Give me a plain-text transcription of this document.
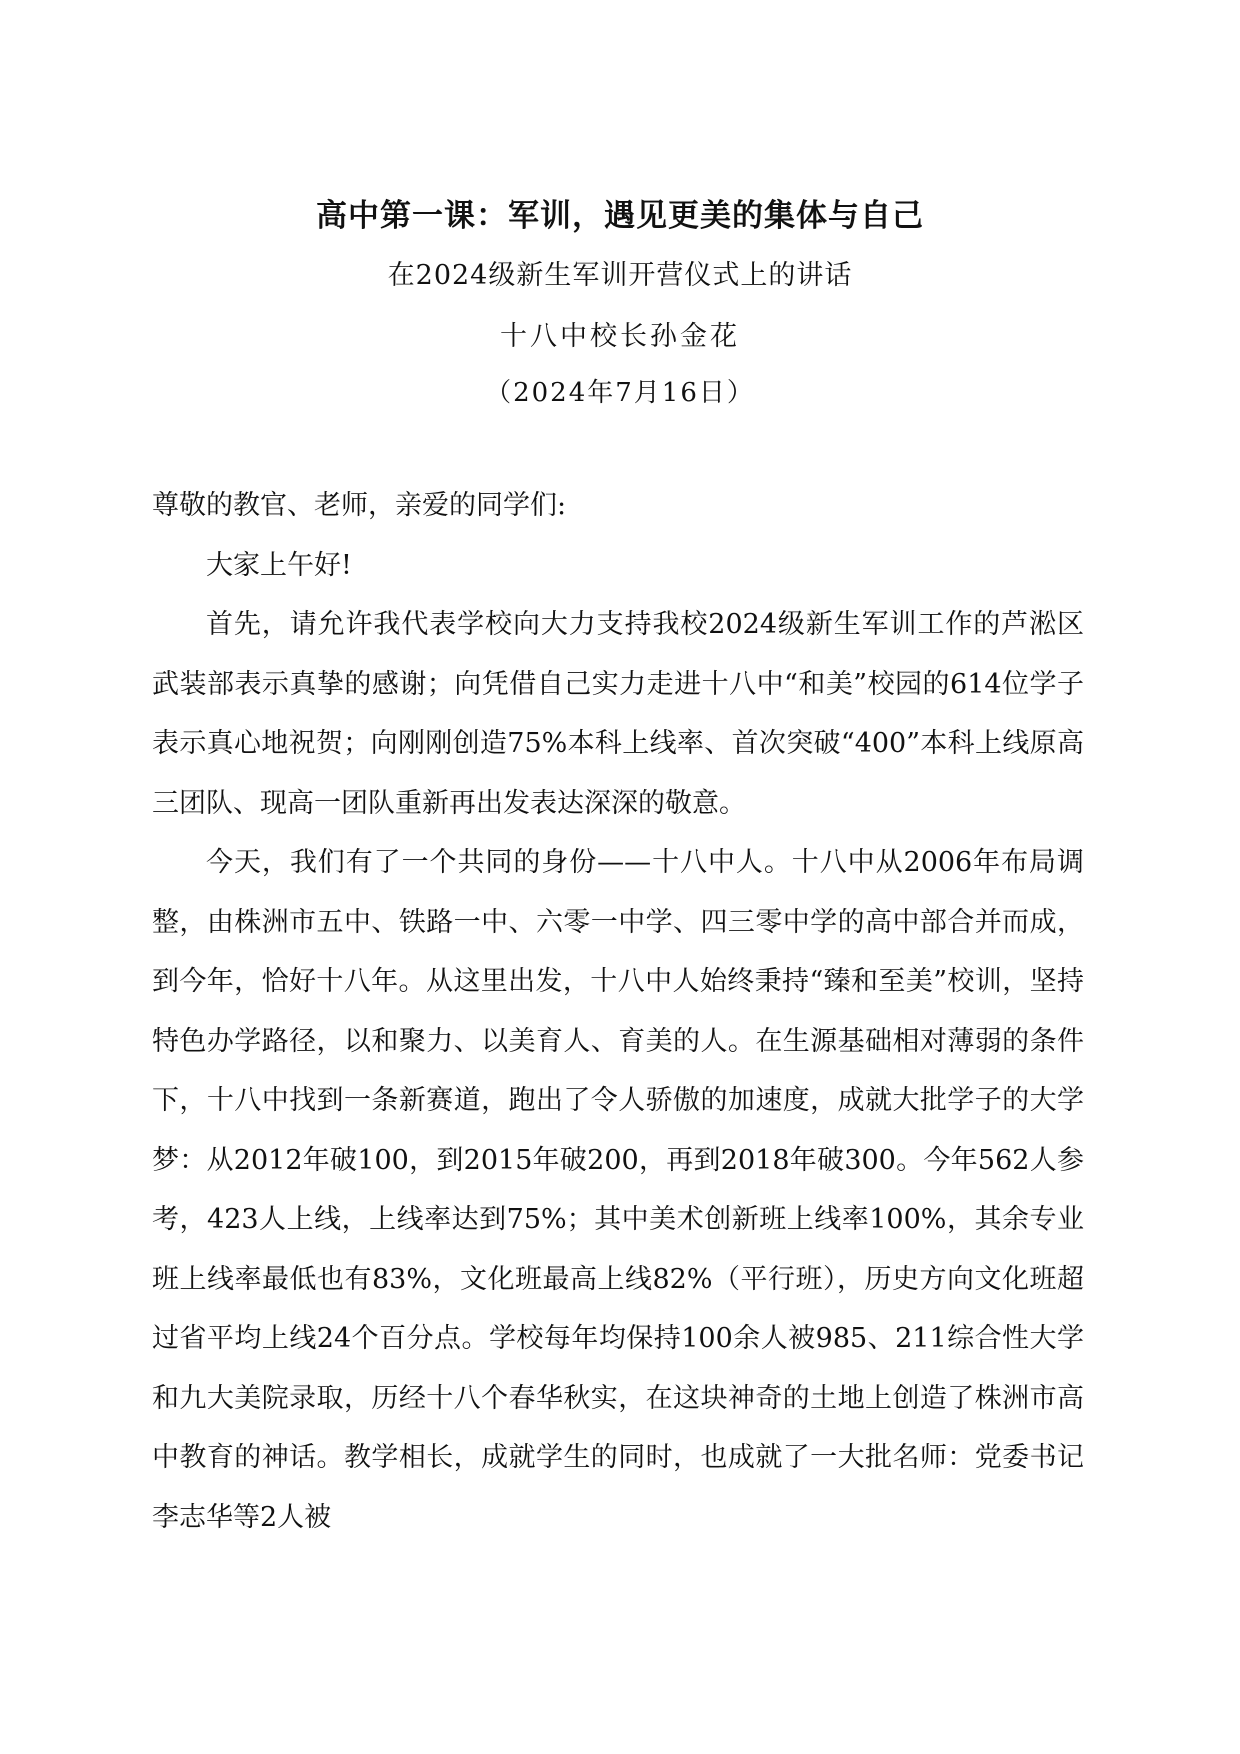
高中第一课：军训，遇见更美的集体与自己
在2024级新生军训开营仪式上的讲话
十八中校长孙金花
（2024年7月16日）

尊敬的教官、老师，亲爱的同学们:

大家上午好!

首先，请允许我代表学校向大力支持我校2024级新生军训工作的芦淞区武装部表示真挚的感谢；向凭借自己实力走进十八中“和美”校园的614位学子表示真心地祝贺；向刚刚创造75%本科上线率、首次突破“400”本科上线原高三团队、现高一团队重新再出发表达深深的敬意。

今天，我们有了一个共同的身份——十八中人。十八中从2006年布局调整，由株洲市五中、铁路一中、六零一中学、四三零中学的高中部合并而成，到今年，恰好十八年。从这里出发，十八中人始终秉持“臻和至美”校训，坚持特色办学路径，以和聚力、以美育人、育美的人。在生源基础相对薄弱的条件下，十八中找到一条新赛道，跑出了令人骄傲的加速度，成就大批学子的大学梦：从2012年破100，到2015年破200，再到2018年破300。今年562人参考，423人上线，上线率达到75%；其中美术创新班上线率100%，其余专业班上线率最低也有83%，文化班最高上线82%（平行班），历史方向文化班超过省平均上线24个百分点。学校每年均保持100余人被985、211综合性大学和九大美院录取，历经十八个春华秋实，在这块神奇的土地上创造了株洲市高中教育的神话。教学相长，成就学生的同时，也成就了一大批名师：党委书记李志华等2人被
